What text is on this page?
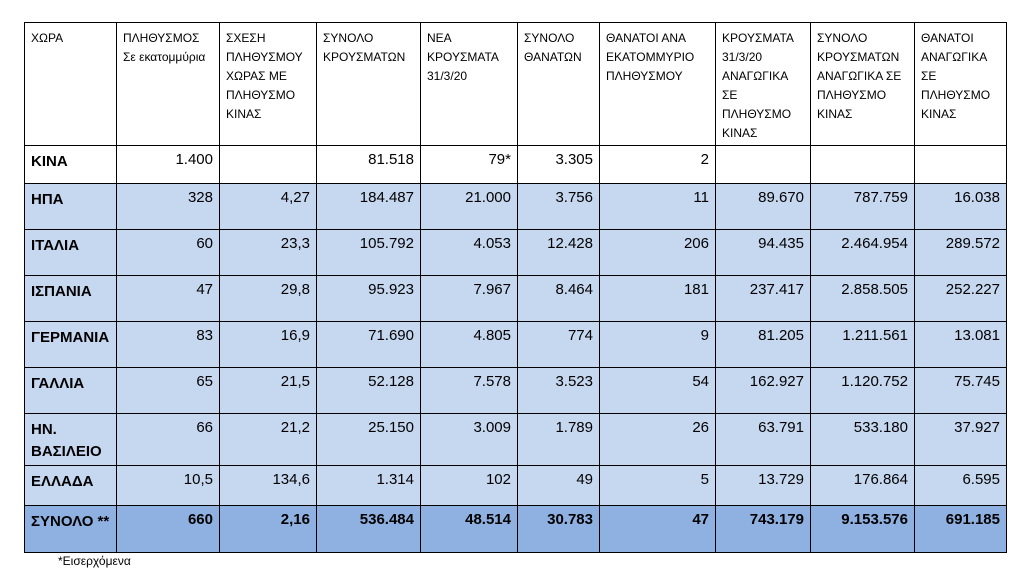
ΧΩΡΑ	ΠΛΗΘΥΣΜΟΣ Σε εκατομμύρια	ΣΧΕΣΗ ΠΛΗΘΥΣΜΟΥ ΧΩΡΑΣ ΜΕ ΠΛΗΘΥΣΜΟ ΚΙΝΑΣ	ΣΥΝΟΛΟ ΚΡΟΥΣΜΑΤΩΝ	ΝΕΑ ΚΡΟΥΣΜΑΤΑ 31/3/20	ΣΥΝΟΛΟ ΘΑΝΑΤΩΝ	ΘΑΝΑΤΟΙ ΑΝΑ ΕΚΑΤΟΜΜΥΡΙΟ ΠΛΗΘΥΣΜΟΥ	ΚΡΟΥΣΜΑΤΑ 31/3/20 ΑΝΑΓΩΓΙΚΑ ΣΕ ΠΛΗΘΥΣΜΟ ΚΙΝΑΣ	ΣΥΝΟΛΟ ΚΡΟΥΣΜΑΤΩΝ ΑΝΑΓΩΓΙΚΑ ΣΕ ΠΛΗΘΥΣΜΟ ΚΙΝΑΣ	ΘΑΝΑΤΟΙ ΑΝΑΓΩΓΙΚΑ ΣΕ ΠΛΗΘΥΣΜΟ ΚΙΝΑΣ
ΚΙΝΑ	1.400		81.518	79*	3.305	2			
ΗΠΑ	328	4,27	184.487	21.000	3.756	11	89.670	787.759	16.038
ΙΤΑΛΙΑ	60	23,3	105.792	4.053	12.428	206	94.435	2.464.954	289.572
ΙΣΠΑΝΙΑ	47	29,8	95.923	7.967	8.464	181	237.417	2.858.505	252.227
ΓΕΡΜΑΝΙΑ	83	16,9	71.690	4.805	774	9	81.205	1.211.561	13.081
ΓΑΛΛΙΑ	65	21,5	52.128	7.578	3.523	54	162.927	1.120.752	75.745
ΗΝ. ΒΑΣΙΛΕΙΟ	66	21,2	25.150	3.009	1.789	26	63.791	533.180	37.927
ΕΛΛΑΔΑ	10,5	134,6	1.314	102	49	5	13.729	176.864	6.595
ΣΥΝΟΛΟ **	660	2,16	536.484	48.514	30.783	47	743.179	9.153.576	691.185
*Εισερχόμενα
